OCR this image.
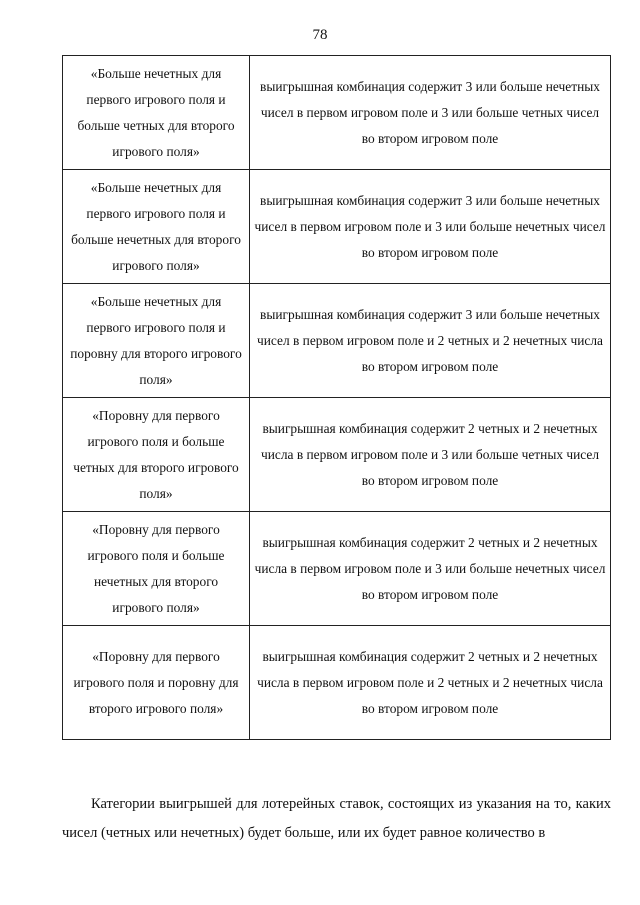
78
«Больше нечетных для первого игрового поля и больше четных для второго игрового поля»	выигрышная комбинация содержит 3 или больше нечетных чисел в первом игровом поле и 3 или больше четных чисел во втором игровом поле
«Больше нечетных для первого игрового поля и больше нечетных для второго игрового поля»	выигрышная комбинация содержит 3 или больше нечетных чисел в первом игровом поле и 3 или больше нечетных чисел во втором игровом поле
«Больше нечетных для первого игрового поля и поровну для второго игрового поля»	выигрышная комбинация содержит 3 или больше нечетных чисел в первом игровом поле и 2 четных и 2 нечетных числа во втором игровом поле
«Поровну для первого игрового поля и больше четных для второго игрового поля»	выигрышная комбинация содержит 2 четных и 2 нечетных числа в первом игровом поле и 3 или больше четных чисел во втором игровом поле
«Поровну для первого игрового поля и больше нечетных для второго игрового поля»	выигрышная комбинация содержит 2 четных и 2 нечетных числа в первом игровом поле и 3 или больше нечетных чисел во втором игровом поле
«Поровну для первого игрового поля и поровну для второго игрового поля»	выигрышная комбинация содержит 2 четных и 2 нечетных числа в первом игровом поле и 2 четных и 2 нечетных числа во втором игровом поле

Категории выигрышей для лотерейных ставок, состоящих из указания на то, каких чисел (четных или нечетных) будет больше, или их будет равное количество в
